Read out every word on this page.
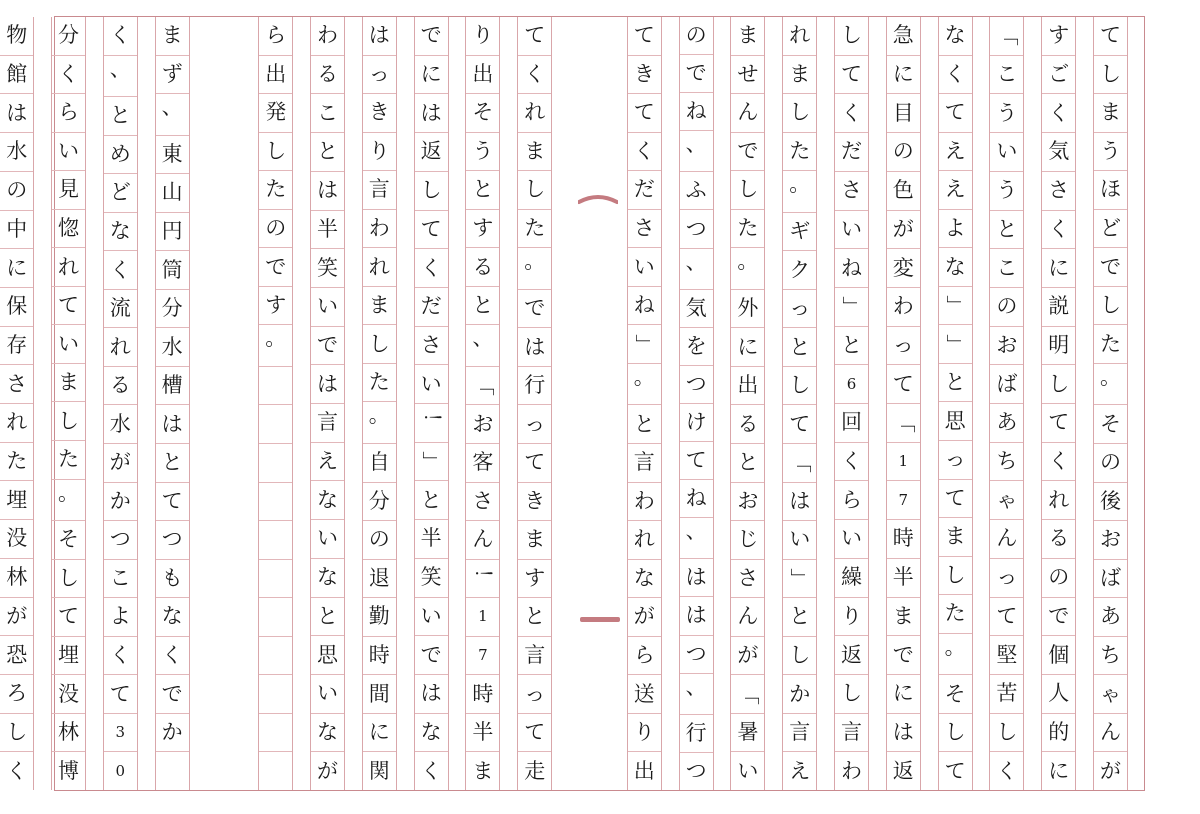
て
し
ま
う
ほ
ど
で
し
た
。
そ
の
後
お
ば
あ
ち
ゃ
ん
が
す
ご
く
気
さ
く
に
説
明
し
て
く
れ
る
の
で
個
人
的
に
「
こ
う
い
う
と
こ
の
お
ば
あ
ち
ゃ
ん
っ
て
堅
苦
し
く
な
く
て
え
え
よ
な
」
」
と
思
っ
て
ま
し
た
。
そ
し
て
急
に
目
の
色
が
変
わ
っ
て
「
1
7
時
半
ま
で
に
は
返
し
て
く
だ
さ
い
ね
」
と
6
回
く
ら
い
繰
り
返
し
言
わ
れ
ま
し
た
。
ギ
ク
っ
と
し
て
「
は
い
」
と
し
か
言
え
ま
せ
ん
で
し
た
。
外
に
出
る
と
お
じ
さ
ん
が
「
暑
い
の
で
ね
、
ふ
つ
、
気
を
つ
け
て
ね
、
は
は
つ
、
行
つ
て
き
て
く
だ
さ
い
ね
」
。
と
言
わ
れ
な
が
ら
送
り
出
て
く
れ
ま
し
た
。
で
は
行
っ
て
き
ま
す
と
言
っ
て
走
り
出
そ
う
と
す
る
と
、
「
お
客
さ
ん
！
1
7
時
半
ま
で
に
は
返
し
て
く
だ
さ
い
！
」
と
半
笑
い
で
は
な
く
は
っ
き
り
言
わ
れ
ま
し
た
。
自
分
の
退
勤
時
間
に
関
わ
る
こ
と
は
半
笑
い
で
は
言
え
な
い
な
と
思
い
な
が
ら
出
発
し
た
の
で
す
。
ま
ず
、
東
山
円
筒
分
水
槽
は
と
て
つ
も
な
く
で
か
く
、
と
め
ど
な
く
流
れ
る
水
が
か
つ
こ
よ
く
て
3
0
分
く
ら
い
見
惚
れ
て
い
ま
し
た
。
そ
し
て
埋
没
林
博
物
館
は
水
の
中
に
保
存
さ
れ
た
埋
没
林
が
恐
ろ
し
く
